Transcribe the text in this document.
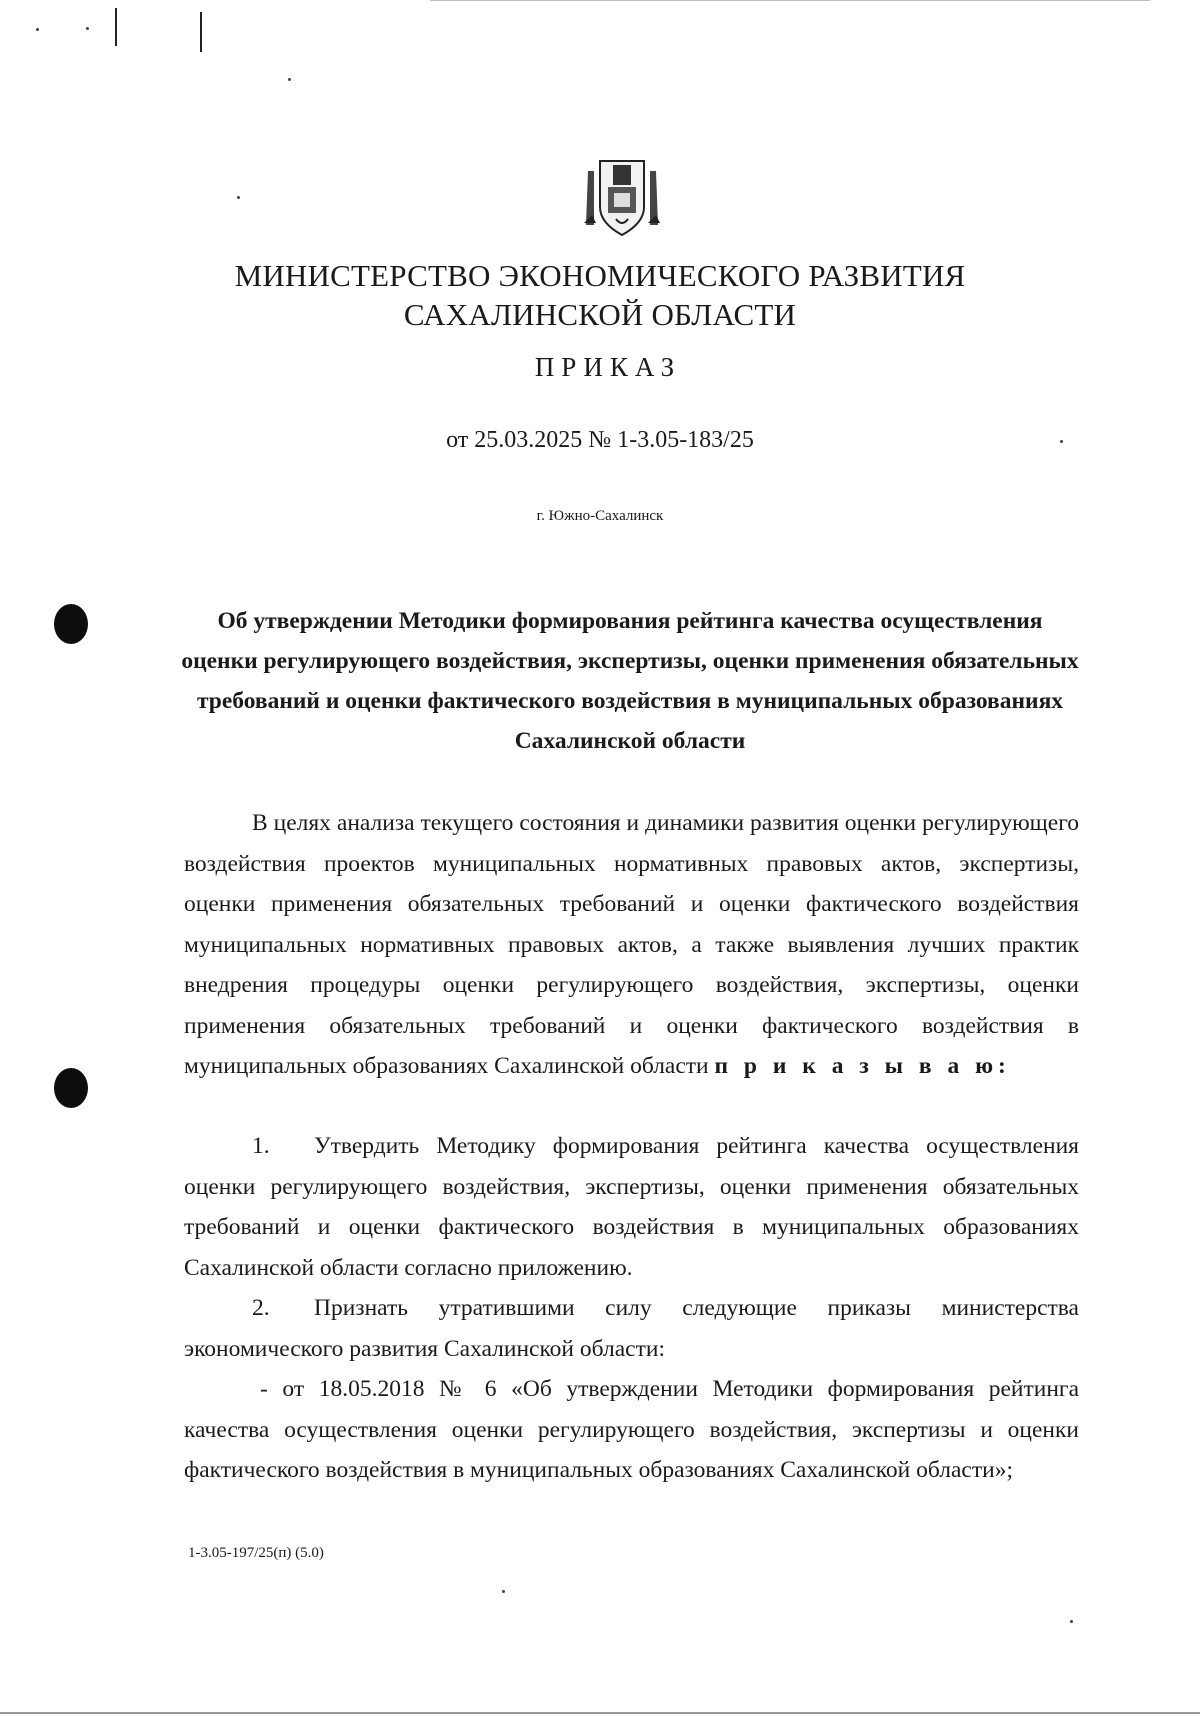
МИНИСТЕРСТВО ЭКОНОМИЧЕСКОГО РАЗВИТИЯ
САХАЛИНСКОЙ ОБЛАСТИ

ПРИКАЗ

от 25.03.2025 № 1-3.05-183/25

г. Южно-Сахалинск

Об утверждении Методики формирования рейтинга качества осуществления оценки регулирующего воздействия, экспертизы, оценки применения обязательных требований и оценки фактического воздействия в муниципальных образованиях Сахалинской области

В целях анализа текущего состояния и динамики развития оценки регулирующего воздействия проектов муниципальных нормативных правовых актов, экспертизы, оценки применения обязательных требований и оценки фактического воздействия муниципальных нормативных правовых актов, а также выявления лучших практик внедрения процедуры оценки регулирующего воздействия, экспертизы, оценки применения обязательных требований и оценки фактического воздействия в муниципальных образованиях Сахалинской области п р и к а з ы в а ю:

1. Утвердить Методику формирования рейтинга качества осуществления оценки регулирующего воздействия, экспертизы, оценки применения обязательных требований и оценки фактического воздействия в муниципальных образованиях Сахалинской области согласно приложению.

2. Признать утратившими силу следующие приказы министерства экономического развития Сахалинской области:

- от 18.05.2018 № 6 «Об утверждении Методики формирования рейтинга качества осуществления оценки регулирующего воздействия, экспертизы и оценки фактического воздействия в муниципальных образованиях Сахалинской области»;

1-3.05-197/25(п) (5.0)
